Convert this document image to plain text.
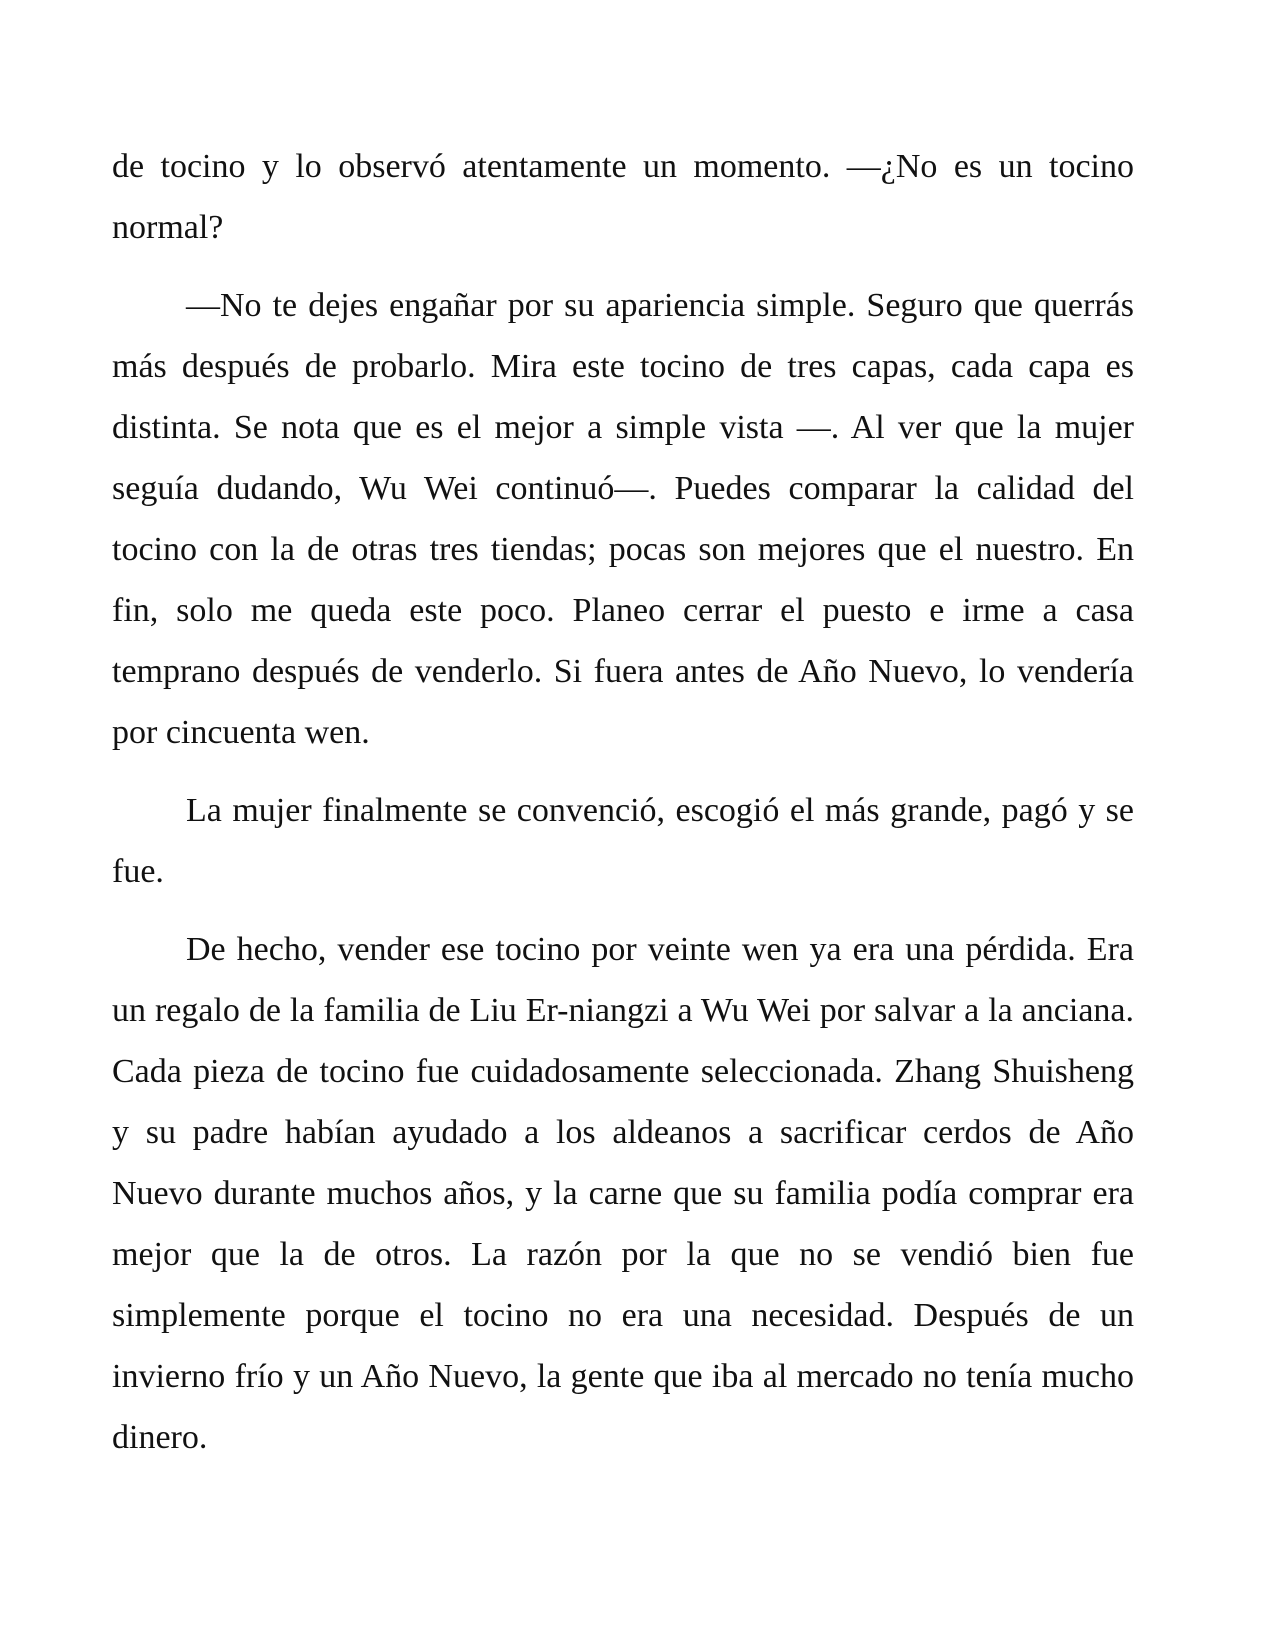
de tocino y lo observó atentamente un momento. —¿No es un tocino normal?

—No te dejes engañar por su apariencia simple. Seguro que querrás más después de probarlo. Mira este tocino de tres capas, cada capa es distinta. Se nota que es el mejor a simple vista —. Al ver que la mujer seguía dudando, Wu Wei continuó—. Puedes comparar la calidad del tocino con la de otras tres tiendas; pocas son mejores que el nuestro. En fin, solo me queda este poco. Planeo cerrar el puesto e irme a casa temprano después de venderlo. Si fuera antes de Año Nuevo, lo vendería por cincuenta wen.

La mujer finalmente se convenció, escogió el más grande, pagó y se fue.

De hecho, vender ese tocino por veinte wen ya era una pérdida. Era un regalo de la familia de Liu Er-niangzi a Wu Wei por salvar a la anciana. Cada pieza de tocino fue cuidadosamente seleccionada. Zhang Shuisheng y su padre habían ayudado a los aldeanos a sacrificar cerdos de Año Nuevo durante muchos años, y la carne que su familia podía comprar era mejor que la de otros. La razón por la que no se vendió bien fue simplemente porque el tocino no era una necesidad. Después de un invierno frío y un Año Nuevo, la gente que iba al mercado no tenía mucho dinero.
